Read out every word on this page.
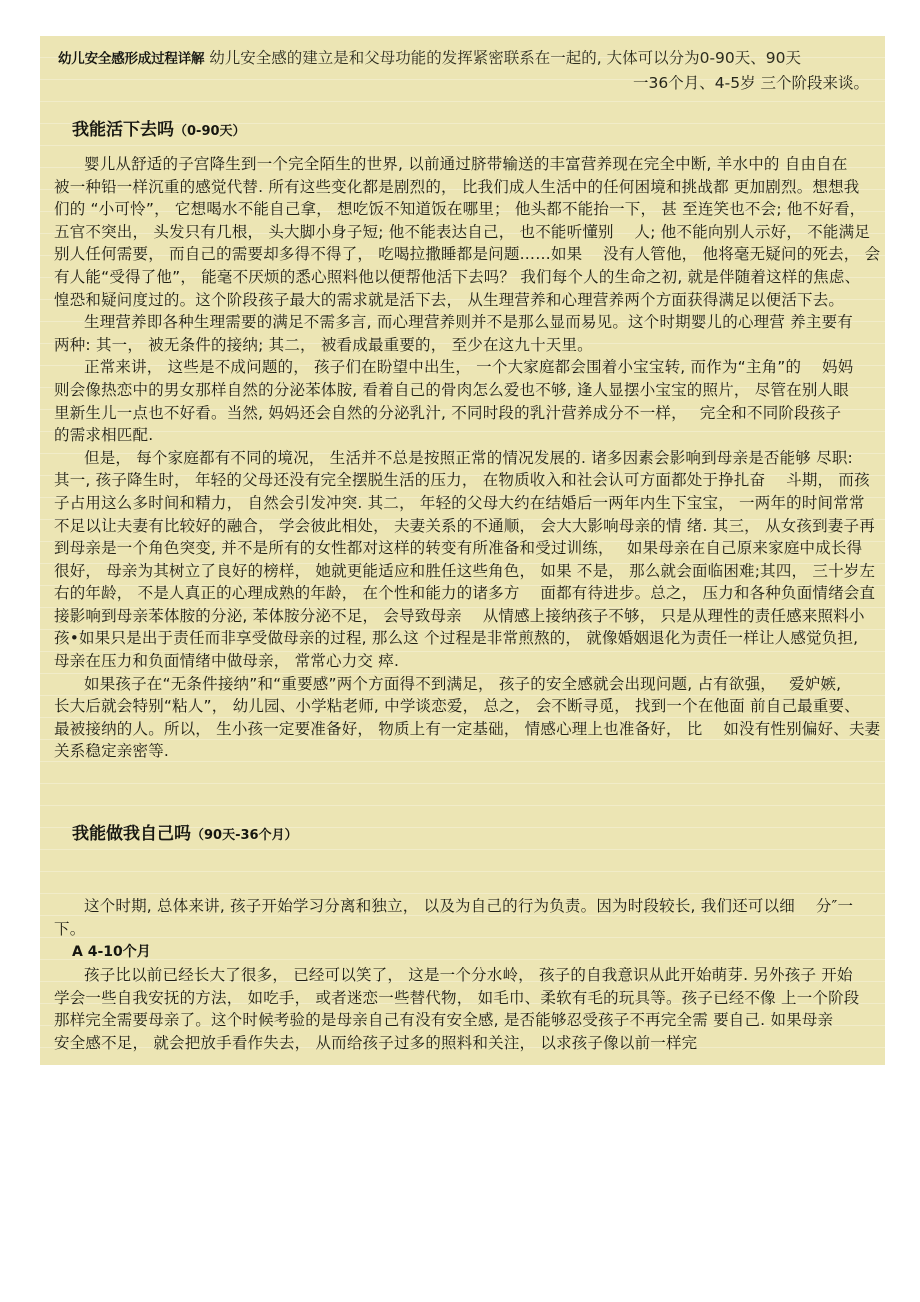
幼儿安全感形成过程详解 幼儿安全感的建立是和父母功能的发挥紧密联系在一起的, 大体可以分为0-90天、90天
一36个月、4-5岁 三个阶段来谈。
我能活下去吗（0-90天）
婴儿从舒适的子宫降生到一个完全陌生的世界, 以前通过脐带输送的丰富营养现在完全中断, 羊水中的 自由自在
被一种铅一样沉重的感觉代替. 所有这些变化都是剧烈的， 比我们成人生活中的任何困境和挑战都 更加剧烈。想想我
们的 “小可怜”， 它想喝水不能自己拿， 想吃饭不知道饭在哪里； 他头都不能抬一下， 甚 至连笑也不会; 他不好看，
五官不突出， 头发只有几根， 头大脚小身子短; 他不能表达自己， 也不能听懂别　 人; 他不能向别人示好， 不能满足
别人任何需要， 而自己的需要却多得不得了， 吃喝拉撒睡都是问题……如果　 没有人管他， 他将毫无疑问的死去， 会
有人能“受得了他”， 能毫不厌烦的悉心照料他以便帮他活下去吗？ 我们每个人的生命之初, 就是伴随着这样的焦虑、
惶恐和疑问度过的。这个阶段孩子最大的需求就是活下去， 从生理营养和心理营养两个方面获得满足以便活下去。
生理营养即各种生理需要的满足不需多言, 而心理营养则并不是那么显而易见。这个时期婴儿的心理营 养主要有
两种: 其一， 被无条件的接纳; 其二， 被看成最重要的， 至少在这九十天里。
正常来讲， 这些是不成问题的， 孩子们在盼望中出生， 一个大家庭都会围着小宝宝转, 而作为“主角”的　 妈妈
则会像热恋中的男女那样自然的分泌苯体胺, 看着自己的骨肉怎么爱也不够, 逢人显摆小宝宝的照片， 尽管在别人眼
里新生儿一点也不好看。当然, 妈妈还会自然的分泌乳汁, 不同时段的乳汁营养成分不一样，　 完全和不同阶段孩子
的需求相匹配.
但是， 每个家庭都有不同的境况， 生活并不总是按照正常的情况发展的. 诸多因素会影响到母亲是否能够 尽职:
其一, 孩子降生时， 年轻的父母还没有完全摆脱生活的压力， 在物质收入和社会认可方面都处于挣扎奋　 斗期， 而孩
子占用这么多时间和精力， 自然会引发冲突. 其二， 年轻的父母大约在结婚后一两年内生下宝宝， 一两年的时间常常
不足以让夫妻有比较好的融合， 学会彼此相处， 夫妻关系的不通顺， 会大大影响母亲的情 绪. 其三， 从女孩到妻子再
到母亲是一个角色突变, 并不是所有的女性都对这样的转变有所准备和受过训练，　 如果母亲在自己原来家庭中成长得
很好， 母亲为其树立了良好的榜样， 她就更能适应和胜任这些角色， 如果 不是， 那么就会面临困难;其四， 三十岁左
右的年龄， 不是人真正的心理成熟的年龄， 在个性和能力的诸多方　 面都有待进步。总之， 压力和各种负面情绪会直
接影响到母亲苯体胺的分泌, 苯体胺分泌不足， 会导致母亲　 从情感上接纳孩子不够， 只是从理性的责任感来照料小
孩•如果只是出于责任而非享受做母亲的过程, 那么这 个过程是非常煎熬的， 就像婚姻退化为责任一样让人感觉负担,
母亲在压力和负面情绪中做母亲， 常常心力交 瘁.
如果孩子在“无条件接纳”和“重要感”两个方面得不到满足， 孩子的安全感就会出现问题, 占有欲强，　 爱妒嫉,
长大后就会特别“粘人”， 幼儿园、小学粘老师, 中学谈恋爱， 总之， 会不断寻觅， 找到一个在他面 前自己最重要、
最被接纳的人。所以， 生小孩一定要准备好， 物质上有一定基础， 情感心理上也准备好， 比　 如没有性别偏好、夫妻
关系稳定亲密等.
我能做我自己吗（90天-36个月）
这个时期, 总体来讲, 孩子开始学习分离和独立， 以及为自己的行为负责。因为时段较长, 我们还可以细　 分″一
下。
A 4-10个月
孩子比以前已经长大了很多， 已经可以笑了， 这是一个分水岭， 孩子的自我意识从此开始萌芽. 另外孩子 开始
学会一些自我安抚的方法， 如吃手， 或者迷恋一些替代物， 如毛巾、柔软有毛的玩具等。孩子已经不像 上一个阶段
那样完全需要母亲了。这个时候考验的是母亲自己有没有安全感, 是否能够忍受孩子不再完全需 要自己. 如果母亲
安全感不足， 就会把放手看作失去， 从而给孩子过多的照料和关注， 以求孩子像以前一样完
